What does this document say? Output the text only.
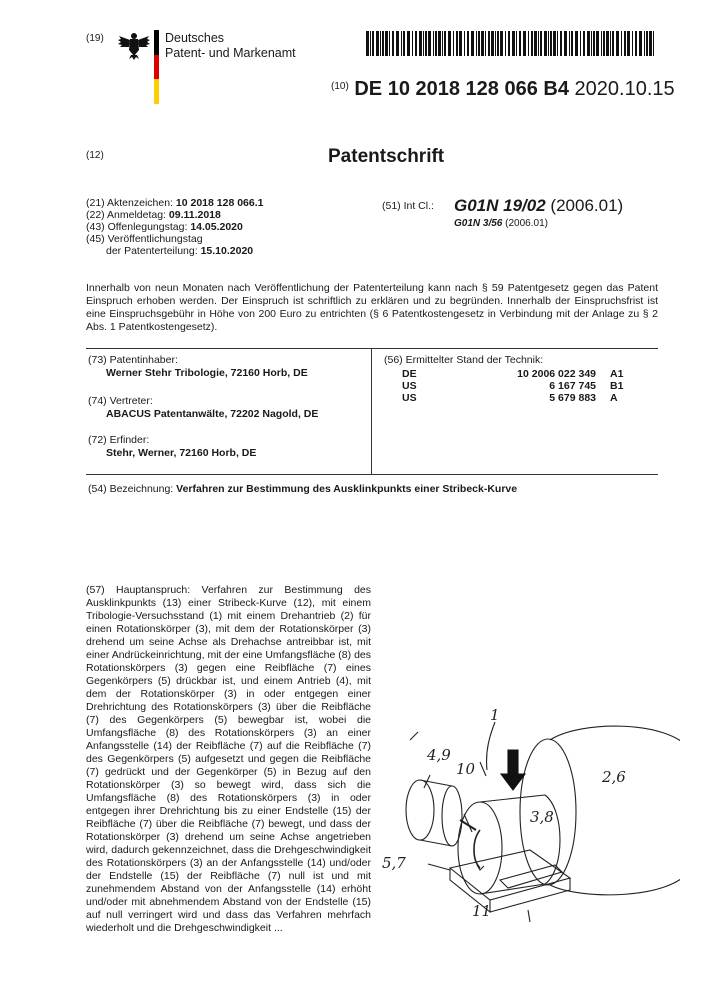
(19)	Deutsches
Patent- und Markenamt
$^{(10)}$ DE 10 2018 128 066 B4 2020.10.15
(12)	Patentschrift
(21) Aktenzeichen: 10 2018 128 066.1
(22) Anmeldetag: 09.11.2018
(43) Offenlegungstag: 14.05.2020
(45) Veröffentlichungstag
der Patenterteilung: 15.10.2020
(51) Int Cl.: G01N 19/02 (2006.01)
G01N 3/56 (2006.01)
Innerhalb von neun Monaten nach Veröffentlichung der Patenterteilung kann nach § 59 Patentgesetz gegen das Patent Einspruch erhoben werden. Der Einspruch ist schriftlich zu erklären und zu begründen. Innerhalb der Einspruchsfrist ist eine Einspruchsgebühr in Höhe von 200 Euro zu entrichten (§ 6 Patentkostengesetz in Verbindung mit der Anlage zu § 2 Abs. 1 Patentkostengesetz).
(73) Patentinhaber:
Werner Stehr Tribologie, 72160 Horb, DE
(74) Vertreter:
ABACUS Patentanwälte, 72202 Nagold, DE
(72) Erfinder:
Stehr, Werner, 72160 Horb, DE
(56) Ermittelter Stand der Technik:
DE	10 2006 022 349	A1
US	6 167 745	B1
US	5 679 883	A
(54) Bezeichnung: Verfahren zur Bestimmung des Ausklinkpunkts einer Stribeck-Kurve
(57) Hauptanspruch: Verfahren zur Bestimmung des Ausklinkpunkts (13) einer Stribeck-Kurve (12), mit einem Tribologie-Versuchsstand (1) mit einem Drehantrieb (2) für einen Rotationskörper (3), mit dem der Rotationskörper (3) drehend um seine Achse als Drehachse antreibbar ist, mit einer Andrückeinrichtung, mit der eine Umfangsfläche (8) des Rotationskörpers (3) gegen eine Reibfläche (7) eines Gegenkörpers (5) drückbar ist, und einem Antrieb (4), mit dem der Rotationskörper (3) in oder entgegen einer Drehrichtung des Rotationskörpers (3) über die Reibfläche (7) des Gegenkörpers (5) bewegbar ist, wobei die Umfangsfläche (8) des Rotationskörpers (3) an einer Anfangsstelle (14) der Reibfläche (7) auf die Reibfläche (7) des Gegenkörpers (5) aufgesetzt und gegen die Reibfläche (7) gedrückt und der Gegenkörper (5) in Bezug auf den Rotationskörper (3) so bewegt wird, dass sich die Umfangsfläche (8) des Rotationskörpers (3) in oder entgegen ihrer Drehrichtung bis zu einer Endstelle (15) der Reibfläche (7) über die Reibfläche (7) bewegt, und dass der Rotationskörper (3) drehend um seine Achse angetrieben wird, dadurch gekennzeichnet, dass die Drehgeschwindigkeit des Rotationskörpers (3) an der Anfangsstelle (14) und/oder der Endstelle (15) der Reibfläche (7) null ist und mit zunehmendem Abstand von der Anfangsstelle (14) erhöht und/oder mit abnehmendem Abstand von der Endstelle (15) auf null verringert wird und dass das Verfahren mehrfach wiederholt und die Drehgeschwindigkeit ...
1
4,9
10	2,6
3,8
5,7
11
